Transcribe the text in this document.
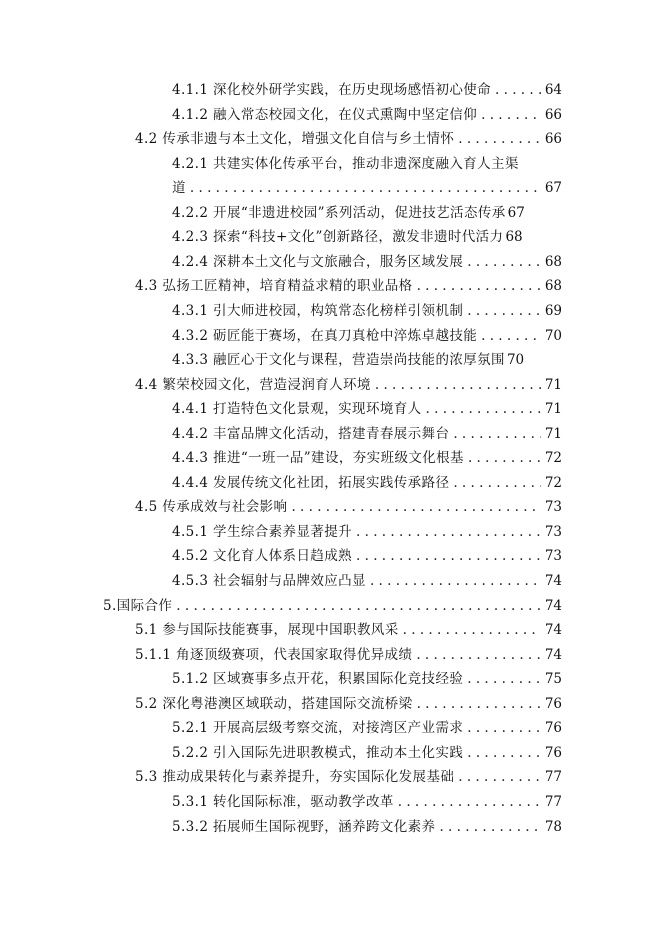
4.1.1 深化校外研学实践，在历史现场感悟初心使命 . . .	64
4.1.2 融入常态校园文化，在仪式熏陶中坚定信仰 . . .	66
4.2 传承非遗与本土文化，增强文化自信与乡土情怀 . . .	66
4.2.1 共建实体化传承平台，推动非遗深度融入育人主渠
道 . . .	67
4.2.2 开展“非遗进校园”系列活动，促进技艺活态传承 67
4.2.3 探索“科技+文化”创新路径，激发非遗时代活力 68
4.2.4 深耕本土文化与文旅融合，服务区域发展 . . .	68
4.3 弘扬工匠精神，培育精益求精的职业品格 . . .	68
4.3.1 引大师进校园，构筑常态化榜样引领机制 . . .	69
4.3.2 砺匠能于赛场，在真刀真枪中淬炼卓越技能 . . .	70
4.3.3 融匠心于文化与课程，营造崇尚技能的浓厚氛围 70
4.4 繁荣校园文化，营造浸润育人环境 . . .	71
4.4.1 打造特色文化景观，实现环境育人 . . .	71
4.4.2 丰富品牌文化活动，搭建青春展示舞台 . . .	71
4.4.3 推进“一班一品”建设，夯实班级文化根基 . . .	72
4.4.4 发展传统文化社团，拓展实践传承路径 . . .	72
4.5 传承成效与社会影响 . . .	73
4.5.1 学生综合素养显著提升 . . .	73
4.5.2 文化育人体系日趋成熟 . . .	73
4.5.3 社会辐射与品牌效应凸显 . . .	74
5.国际合作 . . .	74
5.1 参与国际技能赛事，展现中国职教风采 . . .	74
5.1.1 角逐顶级赛项，代表国家取得优异成绩 . . .	74
5.1.2 区域赛事多点开花，积累国际化竞技经验 . . .	75
5.2 深化粤港澳区域联动，搭建国际交流桥梁 . . .	76
5.2.1 开展高层级考察交流，对接湾区产业需求 . . .	76
5.2.2 引入国际先进职教模式，推动本土化实践 . . .	76
5.3 推动成果转化与素养提升，夯实国际化发展基础 . . .	77
5.3.1 转化国际标准，驱动教学改革 . . .	77
5.3.2 拓展师生国际视野，涵养跨文化素养 . . .	78
